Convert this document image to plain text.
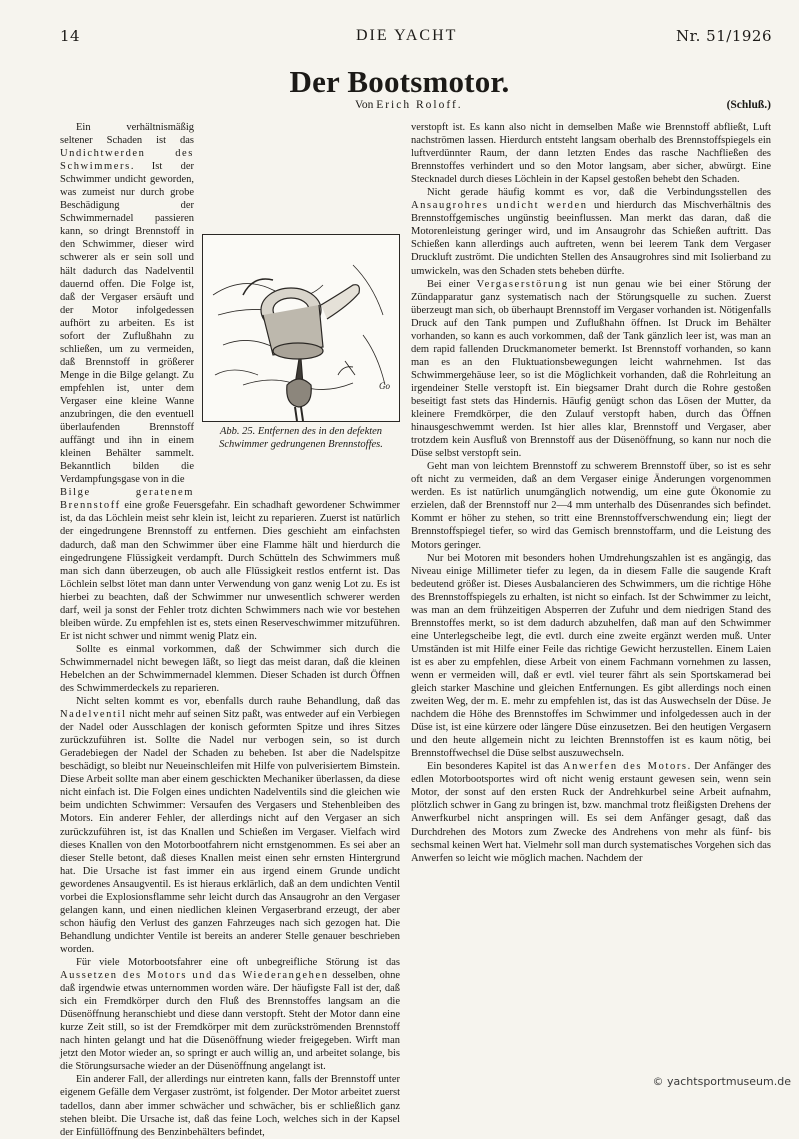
14	DIE YACHT	Nr. 51/1926
Der Bootsmotor.
Von Erich Roloff.	(Schluß.)
Go
Abb. 25. Entfernen des in den defekten Schwimmer gedrungenen Brennstoffes.

Ein verhältnismäßig seltener Schaden ist das Undichtwerden des Schwimmers. Ist der Schwimmer undicht geworden, was zumeist nur durch grobe Beschädigung der Schwimmernadel passieren kann, so dringt Brennstoff in den Schwimmer, dieser wird schwerer als er sein soll und hält dadurch das Nadelventil dauernd offen. Die Folge ist, daß der Vergaser ersäuft und der Motor infolgedessen aufhört zu arbeiten. Es ist sofort der Zuflußhahn zu schließen, um zu vermeiden, daß Brennstoff in größerer Menge in die Bilge gelangt. Zu empfehlen ist, unter dem Vergaser eine kleine Wanne anzubringen, die den eventuell überlaufenden Brennstoff auffängt und ihn in einem kleinen Behälter sammelt. Bekanntlich bilden die Verdampfungsgase von in die

Bilge geratenem Brennstoff eine große Feuersgefahr. Ein schadhaft gewordener Schwimmer ist, da das Löchlein meist sehr klein ist, leicht zu reparieren. Zuerst ist natürlich der eingedrungene Brennstoff zu entfernen. Dies geschieht am einfachsten dadurch, daß man den Schwimmer über eine Flamme hält und hierdurch die eingedrungene Flüssigkeit verdampft. Durch Schütteln des Schwimmers muß man sich dann überzeugen, ob auch alle Flüssigkeit restlos entfernt ist. Das Löchlein selbst lötet man dann unter Verwendung von ganz wenig Lot zu. Es ist hierbei zu beachten, daß der Schwimmer nur unwesentlich schwerer werden darf, weil ja sonst der Fehler trotz dichten Schwimmers nach wie vor bestehen bleiben würde. Zu empfehlen ist es, stets einen Reserveschwimmer mitzuführen. Er ist nicht schwer und nimmt wenig Platz ein.

Sollte es einmal vorkommen, daß der Schwimmer sich durch die Schwimmernadel nicht bewegen läßt, so liegt das meist daran, daß die kleinen Hebelchen an der Schwimmernadel klemmen. Dieser Schaden ist durch Öffnen des Schwimmerdeckels zu reparieren.

Nicht selten kommt es vor, ebenfalls durch rauhe Behandlung, daß das Nadelventil nicht mehr auf seinen Sitz paßt, was entweder auf ein Verbiegen der Nadel oder Ausschlagen der konisch geformten Spitze und ihres Sitzes zurückzuführen ist. Sollte die Nadel nur verbogen sein, so ist durch Geradebiegen der Nadel der Schaden zu beheben. Ist aber die Nadelspitze beschädigt, so bleibt nur Neueinschleifen mit Hilfe von pulverisiertem Bimstein. Diese Arbeit sollte man aber einem geschickten Mechaniker überlassen, da diese nicht einfach ist. Die Folgen eines undichten Nadelventils sind die gleichen wie beim undichten Schwimmer: Versaufen des Vergasers und Stehenbleiben des Motors. Ein anderer Fehler, der allerdings nicht auf den Vergaser an sich zurückzuführen ist, ist das Knallen und Schießen im Vergaser. Vielfach wird dieses Knallen von den Motorbootfahrern nicht ernstgenommen. Es sei aber an dieser Stelle betont, daß dieses Knallen meist einen sehr ernsten Hintergrund hat. Die Ursache ist fast immer ein aus irgend einem Grunde undicht gewordenes Ansaugventil. Es ist hieraus erklärlich, daß an dem undichten Ventil vorbei die Explosionsflamme sehr leicht durch das Ansaugrohr an den Vergaser gelangen kann, und einen niedlichen kleinen Vergaserbrand erzeugt, der aber schon häufig den Verlust des ganzen Fahrzeuges nach sich gezogen hat. Die Behandlung undichter Ventile ist bereits an anderer Stelle genauer beschrieben worden.

Für viele Motorbootsfahrer eine oft unbegreifliche Störung ist das Aussetzen des Motors und das Wiederangehen desselben, ohne daß irgendwie etwas unternommen worden wäre. Der häufigste Fall ist der, daß sich ein Fremdkörper durch den Fluß des Brennstoffes langsam an die Düsenöffnung heranschiebt und diese dann verstopft. Steht der Motor dann eine kurze Zeit still, so ist der Fremdkörper mit dem zurückströmenden Brennstoff nach hinten gelangt und hat die Düsenöffnung wieder freigegeben. Wirft man jetzt den Motor wieder an, so springt er auch willig an, und arbeitet solange, bis die Störungsursache wieder an der Düsenöffnung angelangt ist.

Ein anderer Fall, der allerdings nur eintreten kann, falls der Brennstoff unter eigenem Gefälle dem Vergaser zuströmt, ist folgender. Der Motor arbeitet zuerst tadellos, dann aber immer schwächer und schwächer, bis er schließlich ganz stehen bleibt. Die Ursache ist, daß das feine Loch, welches sich in der Kapsel der Einfüllöffnung des Benzinbehälters befindet,

verstopft ist. Es kann also nicht in demselben Maße wie Brennstoff abfließt, Luft nachströmen lassen. Hierdurch entsteht langsam oberhalb des Brennstoffspiegels ein luftverdünnter Raum, der dann letzten Endes das rasche Nachfließen des Brennstoffes verhindert und so den Motor langsam, aber sicher, abwürgt. Eine Stecknadel durch dieses Löchlein in der Kapsel gestoßen behebt den Schaden.

Nicht gerade häufig kommt es vor, daß die Verbindungsstellen des Ansaugrohres undicht werden und hierdurch das Mischverhältnis des Brennstoffgemisches ungünstig beeinflussen. Man merkt das daran, daß die Motorenleistung geringer wird, und im Ansaugrohr das Schießen auftritt. Das Schießen kann allerdings auch auftreten, wenn bei leerem Tank dem Vergaser Druckluft zuströmt. Die undichten Stellen des Ansaugrohres sind mit Isolierband zu umwickeln, was den Schaden stets beheben dürfte.

Bei einer Vergaserstörung ist nun genau wie bei einer Störung der Zündapparatur ganz systematisch nach der Störungsquelle zu suchen. Zuerst überzeugt man sich, ob überhaupt Brennstoff im Vergaser vorhanden ist. Nötigenfalls Druck auf den Tank pumpen und Zuflußhahn öffnen. Ist Druck im Behälter vorhanden, so kann es auch vorkommen, daß der Tank gänzlich leer ist, was man an dem rapid fallenden Druckmanometer bemerkt. Ist Brennstoff vorhanden, so kann man es an den Fluktuationsbewegungen leicht wahrnehmen. Ist das Schwimmergehäuse leer, so ist die Möglichkeit vorhanden, daß die Rohrleitung an irgendeiner Stelle verstopft ist. Ein biegsamer Draht durch die Rohre gestoßen beseitigt fast stets das Hindernis. Häufig genügt schon das Lösen der Mutter, da kleinere Fremdkörper, die den Zulauf verstopft haben, durch das Öffnen hinausgeschwemmt werden. Ist hier alles klar, Brennstoff und Vergaser, aber trotzdem kein Ausfluß von Brennstoff aus der Düsenöffnung, so kann nur noch die Düse selbst verstopft sein.

Geht man von leichtem Brennstoff zu schwerem Brennstoff über, so ist es sehr oft nicht zu vermeiden, daß an dem Vergaser einige Änderungen vorgenommen werden. Es ist natürlich unumgänglich notwendig, um eine gute Ökonomie zu erzielen, daß der Brennstoff nur 2—4 mm unterhalb des Düsenrandes sich befindet. Kommt er höher zu stehen, so tritt eine Brennstoffverschwendung ein; liegt der Brennstoffspiegel tiefer, so wird das Gemisch brennstoffarm, und die Leistung des Motors geringer.

Nur bei Motoren mit besonders hohen Umdrehungszahlen ist es angängig, das Niveau einige Millimeter tiefer zu legen, da in diesem Falle die saugende Kraft bedeutend größer ist. Dieses Ausbalancieren des Schwimmers, um die richtige Höhe des Brennstoffspiegels zu erhalten, ist nicht so einfach. Ist der Schwimmer zu leicht, was man an dem frühzeitigen Absperren der Zufuhr und dem niedrigen Stand des Brennstoffes merkt, so ist dem dadurch abzuhelfen, daß man auf den Schwimmer eine Unterlegscheibe legt, die evtl. durch eine zweite ergänzt werden muß. Unter Umständen ist mit Hilfe einer Feile das richtige Gewicht herzustellen. Einem Laien ist es aber zu empfehlen, diese Arbeit von einem Fachmann vornehmen zu lassen, wenn er vermeiden will, daß er evtl. viel teurer fährt als sein Sportskamerad bei gleich starker Maschine und gleichen Entfernungen. Es gibt allerdings noch einen zweiten Weg, der m. E. mehr zu empfehlen ist, das ist das Auswechseln der Düse. Je nachdem die Höhe des Brennstoffes im Schwimmer und infolgedessen auch in der Düse ist, ist eine kürzere oder längere Düse einzusetzen. Bei den heutigen Vergasern und den heute allgemein nicht zu leichten Brennstoffen ist es kaum nötig, bei Brennstoffwechsel die Düse selbst auszuwechseln.

Ein besonderes Kapitel ist das Anwerfen des Motors. Der Anfänger des edlen Motorbootsportes wird oft nicht wenig erstaunt gewesen sein, wenn sein Motor, der sonst auf den ersten Ruck der Andrehkurbel seine Arbeit aufnahm, plötzlich schwer in Gang zu bringen ist, bzw. manchmal trotz fleißigsten Drehens der Anwerfkurbel nicht anspringen will. Es sei dem Anfänger gesagt, daß das Durchdrehen des Motors zum Zwecke des Andrehens von mehr als fünf- bis sechsmal keinen Wert hat. Vielmehr soll man durch systematisches Vorgehen sich das Anwerfen so leicht wie möglich machen. Nachdem der

© yachtsportmuseum.de
